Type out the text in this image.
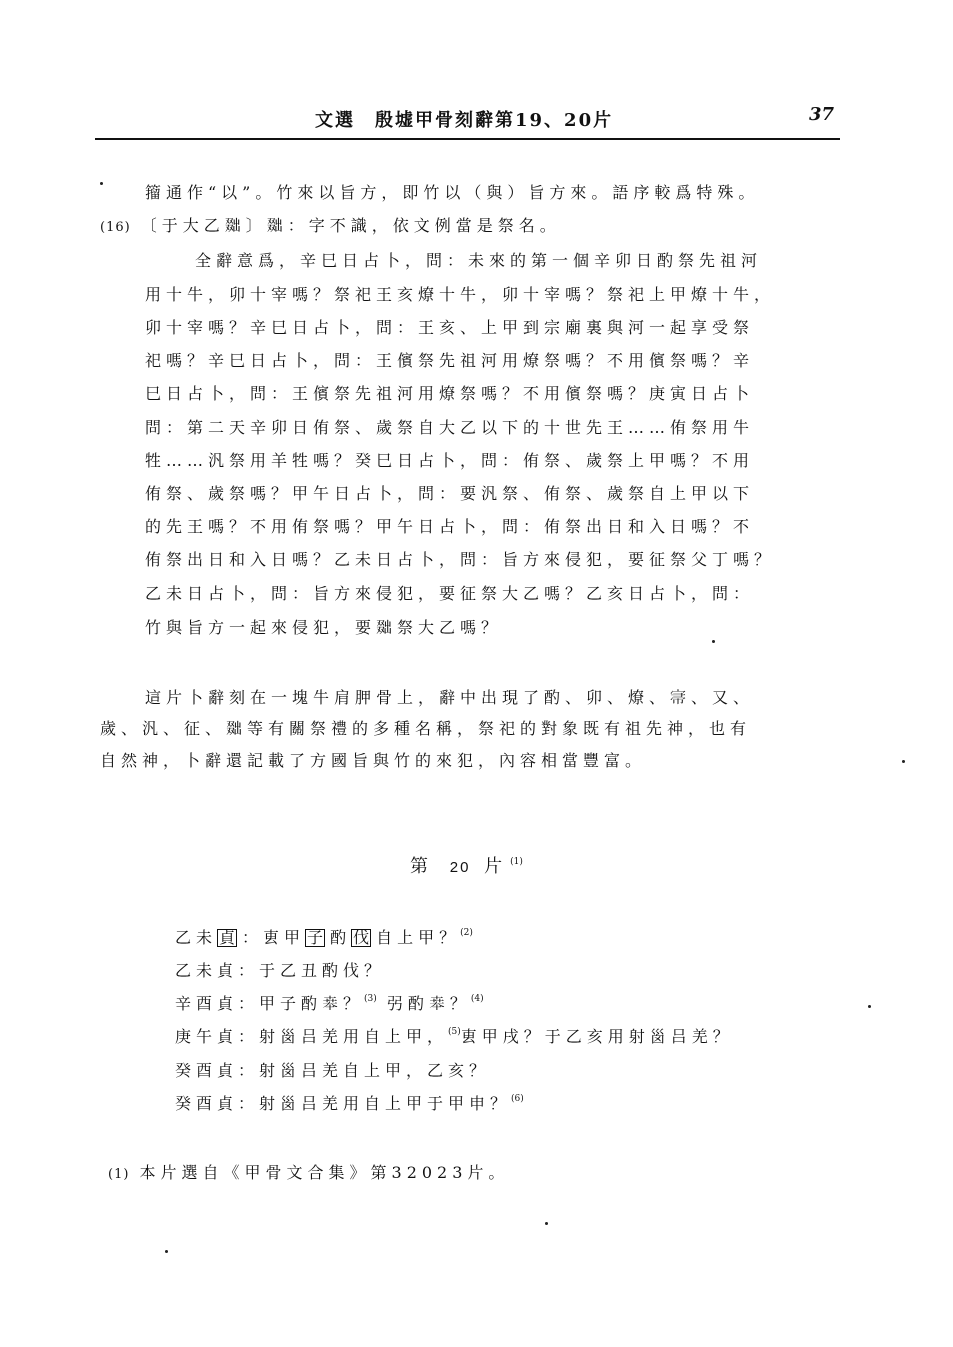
文選　殷墟甲骨刻辭第19、20片	37
籀通作“以”。竹來以旨方，即竹以（與）旨方來。語序較爲特殊。
(16) 〔于大乙𠭴〕𠭴：字不識，依文例當是祭名。
全辭意爲，辛巳日占卜，問：未來的第一個辛卯日酌祭先祖河
用十牛，卯十宰嗎？祭祀王亥燎十牛，卯十宰嗎？祭祀上甲燎十牛，
卯十宰嗎？辛巳日占卜，問：王亥、上甲到宗廟裏與河一起享受祭
祀嗎？辛巳日占卜，問：王儐祭先祖河用燎祭嗎？不用儐祭嗎？辛
巳日占卜，問：王儐祭先祖河用燎祭嗎？不用儐祭嗎？庚寅日占卜
問：第二天辛卯日侑祭、歲祭自大乙以下的十世先王……侑祭用牛
牲……汎祭用羊牲嗎？癸巳日占卜，問：侑祭、歲祭上甲嗎？不用
侑祭、歲祭嗎？甲午日占卜，問：要汎祭、侑祭、歲祭自上甲以下
的先王嗎？不用侑祭嗎？甲午日占卜，問：侑祭出日和入日嗎？不
侑祭出日和入日嗎？乙未日占卜，問：旨方來侵犯，要征祭父丁嗎？
乙未日占卜，問：旨方來侵犯，要征祭大乙嗎？乙亥日占卜，問：
竹與旨方一起來侵犯，要𠭴祭大乙嗎？
這片卜辭刻在一塊牛肩胛骨上，辭中出現了酌、卯、燎、𡨦、又、
歲、汎、征、𠭴等有關祭禮的多種名稱，祭祀的對象既有祖先神，也有
自然神，卜辭還記載了方國旨與竹的來犯，內容相當豐富。
第 20 片$^{(1)}$
乙未 貞 ：叀甲 子 酌 伐 自上甲？$^{(2)}$
乙未貞：于乙丑酌伐？
辛酉貞：甲子酌𠦪？$^{(3)}$ 弜酌𠦪？$^{(4)}$
庚午貞：射𡿺吕羌用自上甲，$^{(5)}$叀甲戌？于乙亥用射𡿺吕羌？
癸酉貞：射𡿺吕羌自上甲，乙亥？
癸酉貞：射𡿺吕羌用自上甲于甲申？$^{(6)}$
(1) 本片選自《甲骨文合集》第32023片。
